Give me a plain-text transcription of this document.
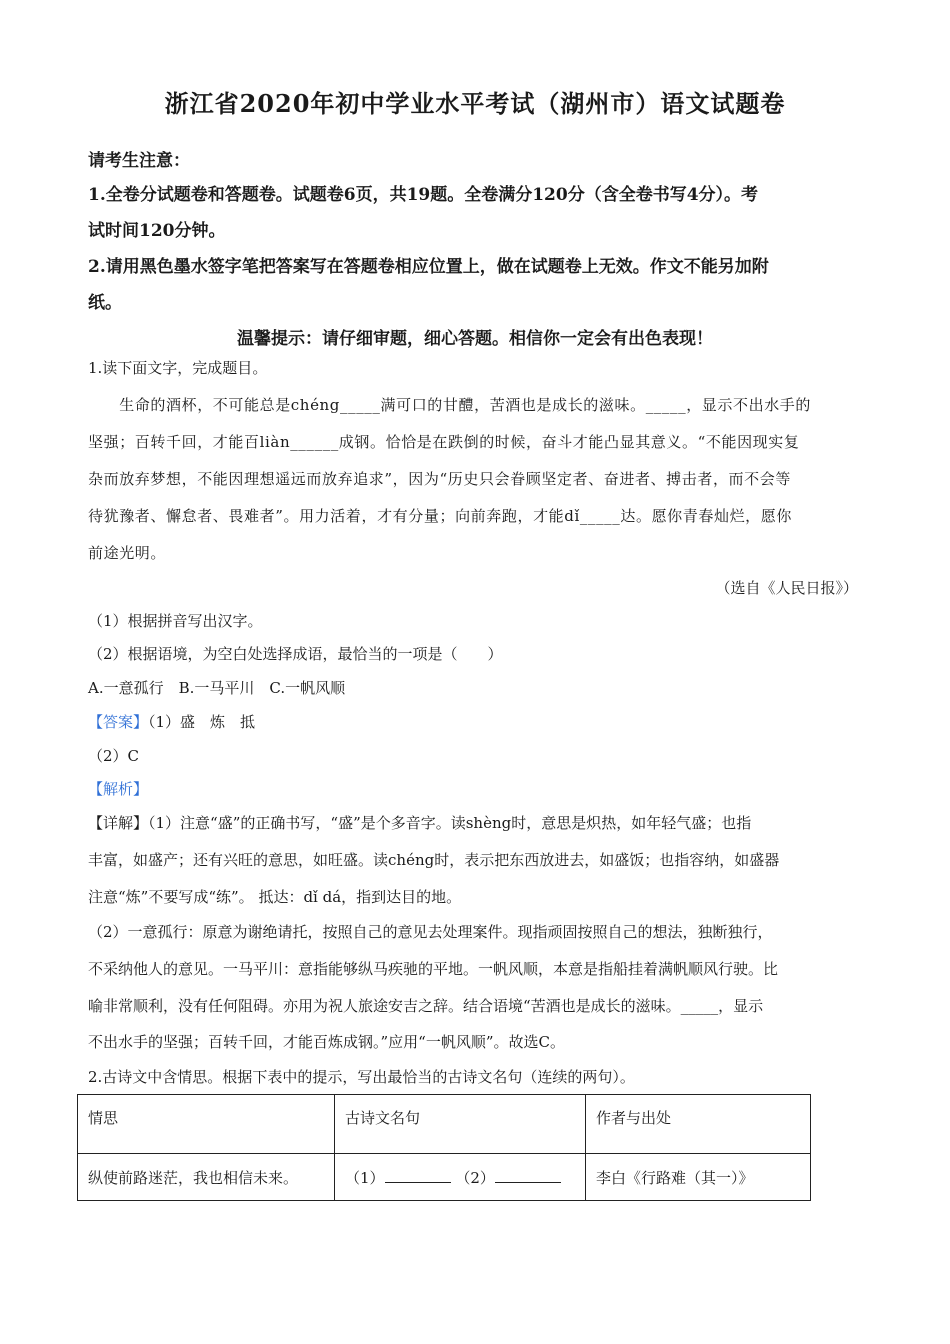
浙江省2020年初中学业水平考试（湖州市）语文试题卷
请考生注意：
1.全卷分试题卷和答题卷。试题卷6页，共19题。全卷满分120分（含全卷书写4分）。考
试时间120分钟。
2.请用黑色墨水签字笔把答案写在答题卷相应位置上，做在试题卷上无效。作文不能另加附
纸。
温馨提示：请仔细审题，细心答题。相信你一定会有出色表现！
1.读下面文字，完成题目。
　　生命的酒杯，不可能总是chéng_____满可口的甘醴，苦酒也是成长的滋味。_____，显示不出水手的
坚强；百转千回，才能百liàn______成钢。恰恰是在跌倒的时候，奋斗才能凸显其意义。“不能因现实复
杂而放弃梦想，不能因理想遥远而放弃追求”，因为“历史只会眷顾坚定者、奋进者、搏击者，而不会等
待犹豫者、懈怠者、畏难者”。用力活着，才有分量；向前奔跑，才能dǐ_____达。愿你青春灿烂，愿你
前途光明。
（选自《人民日报》）
（1）根据拼音写出汉字。
（2）根据语境，为空白处选择成语，最恰当的一项是（　　）
A.一意孤行　B.一马平川　C.一帆风顺
【答案】（1）盛　炼　抵
（2）C
【解析】
【详解】（1）注意“盛”的正确书写，“盛”是个多音字。读shèng时，意思是炽热，如年轻气盛；也指
丰富，如盛产；还有兴旺的意思，如旺盛。读chéng时，表示把东西放进去，如盛饭；也指容纳，如盛器
注意“炼”不要写成“练”。 抵达：dǐ dá，指到达目的地。
（2）一意孤行：原意为谢绝请托，按照自己的意见去处理案件。现指顽固按照自己的想法，独断独行，
不采纳他人的意见。一马平川：意指能够纵马疾驰的平地。一帆风顺，本意是指船挂着满帆顺风行驶。比
喻非常顺利，没有任何阻碍。亦用为祝人旅途安吉之辞。结合语境“苦酒也是成长的滋味。_____，显示
不出水手的坚强；百转千回，才能百炼成钢。”应用“一帆风顺”。故选C。
2.古诗文中含情思。根据下表中的提示，写出最恰当的古诗文名句（连续的两句）。
情思	古诗文名句	作者与出处
纵使前路迷茫，我也相信未来。	（1） （2）	李白《行路难（其一）》
